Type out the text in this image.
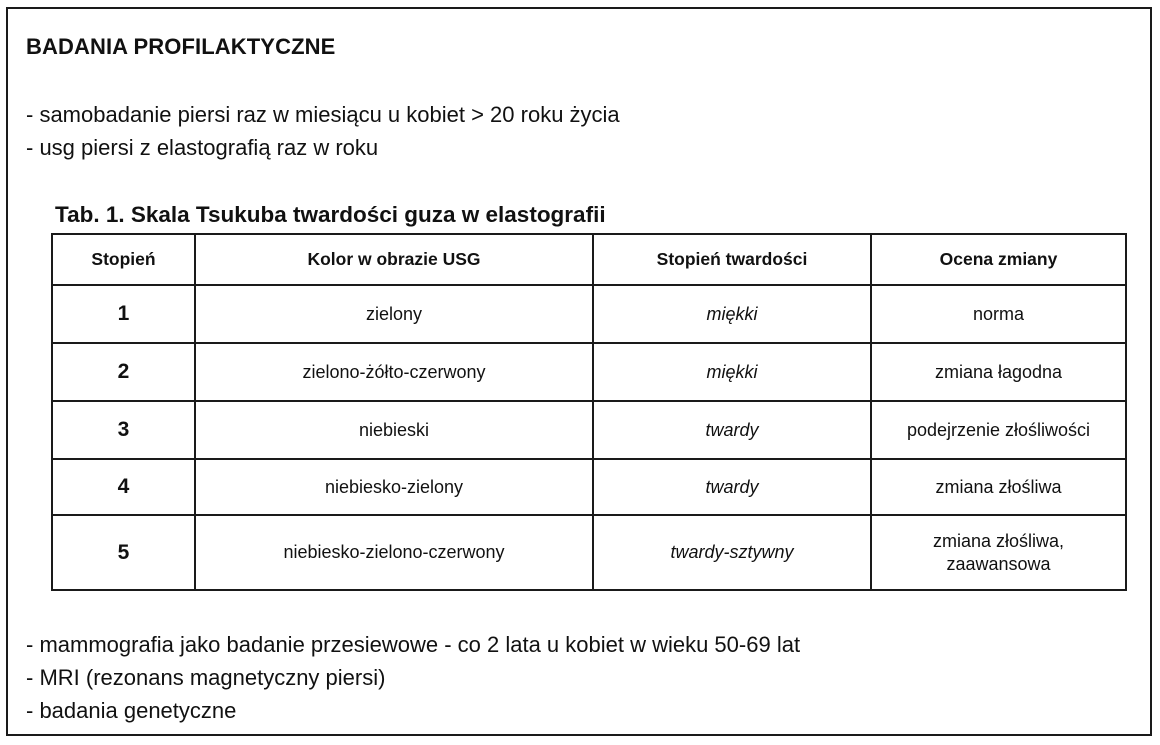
BADANIA PROFILAKTYCZNE
- samobadanie piersi raz w miesiącu u kobiet > 20 roku życia
- usg piersi z elastografią raz w roku
Tab. 1. Skala Tsukuba twardości guza w elastografii
Stopień	Kolor w obrazie USG	Stopień twardości	Ocena zmiany
1	zielony	miękki	norma

2	zielono-żółto-czerwony	miękki	zmiana łagodna

3	niebieski	twardy	podejrzenie złośliwości

4	niebiesko-zielony	twardy	zmiana złośliwa

5	niebiesko-zielono-czerwony	twardy-sztywny	zmiana złośliwa,
zaawansowa
- mammografia jako badanie przesiewowe - co 2 lata u kobiet w wieku 50-69 lat
- MRI (rezonans magnetyczny piersi)
- badania genetyczne
